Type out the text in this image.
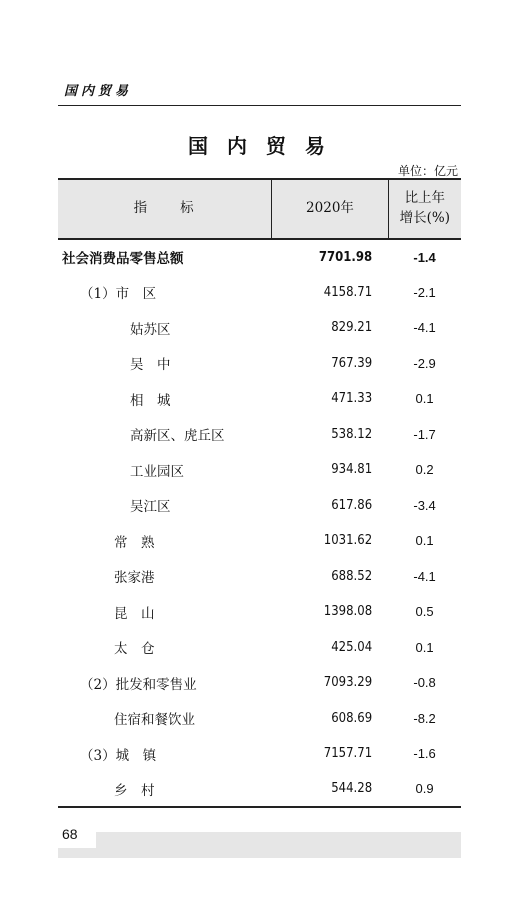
国内贸易
国 内 贸 易
单位：亿元
指　　标	2020年	比上年
增长(%)
社会消费品零售总额	7701.98	-1.4
（1）市　区	4158.71	-2.1
姑苏区	829.21	-4.1
吴　中	767.39	-2.9
相　城	471.33	0.1
高新区、虎丘区	538.12	-1.7
工业园区	934.81	0.2
吴江区	617.86	-3.4
常　熟	1031.62	0.1
张家港	688.52	-4.1
昆　山	1398.08	0.5
太　仓	425.04	0.1
（2）批发和零售业	7093.29	-0.8
住宿和餐饮业	608.69	-8.2
（3）城　镇	7157.71	-1.6
乡　村	544.28	0.9
68
